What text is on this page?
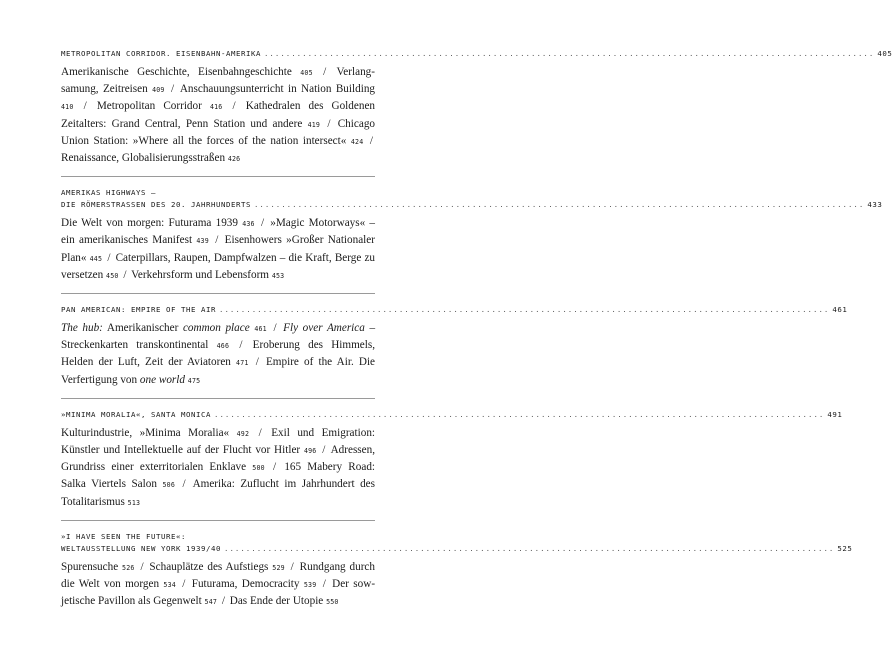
METROPOLITAN CORRIDOR. EISENBAHN-AMERIKA ................................................................................................................ 405
Amerikanische Geschichte, Eisenbahngeschichte 405 / Verlangsamung, Zeitreisen 409 / Anschauungsunterricht in Nation Building 410 / Metropolitan Corridor 416 / Kathedralen des Goldenen Zeitalters: Grand Central, Penn Station und andere 419 / Chicago Union Station: »Where all the forces of the nation intersect« 424 / Renaissance, Globalisierungsstraßen 426
AMERIKAS HIGHWAYS –
DIE RÖMERSTRASSEN DES 20. JAHRHUNDERTS ................................................................................................................ 433
Die Welt von morgen: Futurama 1939 436 / »Magic Motorways« – ein amerikanisches Manifest 439 / Eisenhowers »Großer Nationaler Plan« 445 / Caterpillars, Raupen, Dampfwalzen – die Kraft, Berge zu versetzen 450 / Verkehrsform und Lebensform 453
PAN AMERICAN: EMPIRE OF THE AIR ................................................................................................................ 461
The hub: Amerikanischer common place 461 / Fly over America – Streckenkarten transkontinental 466 / Eroberung des Himmels, Helden der Luft, Zeit der Aviatoren 471 / Empire of the Air. Die Verfertigung von one world 475
»MINIMA MORALIA«, SANTA MONICA ................................................................................................................ 491
Kulturindustrie, »Minima Moralia« 492 / Exil und Emigration: Künstler und Intellektuelle auf der Flucht vor Hitler 496 / Adressen, Grundriss einer exterritorialen Enklave 500 / 165 Mabery Road: Salka Viertels Salon 506 / Amerika: Zuflucht im Jahrhundert des Totalitarismus 513
»I HAVE SEEN THE FUTURE«:
WELTAUSSTELLUNG NEW YORK 1939/40 ................................................................................................................ 525
Spurensuche 526 / Schauplätze des Aufstiegs 529 / Rundgang durch die Welt von morgen 534 / Futurama, Democracity 539 / Der sowjetische Pavillon als Gegenwelt 547 / Das Ende der Utopie 550
